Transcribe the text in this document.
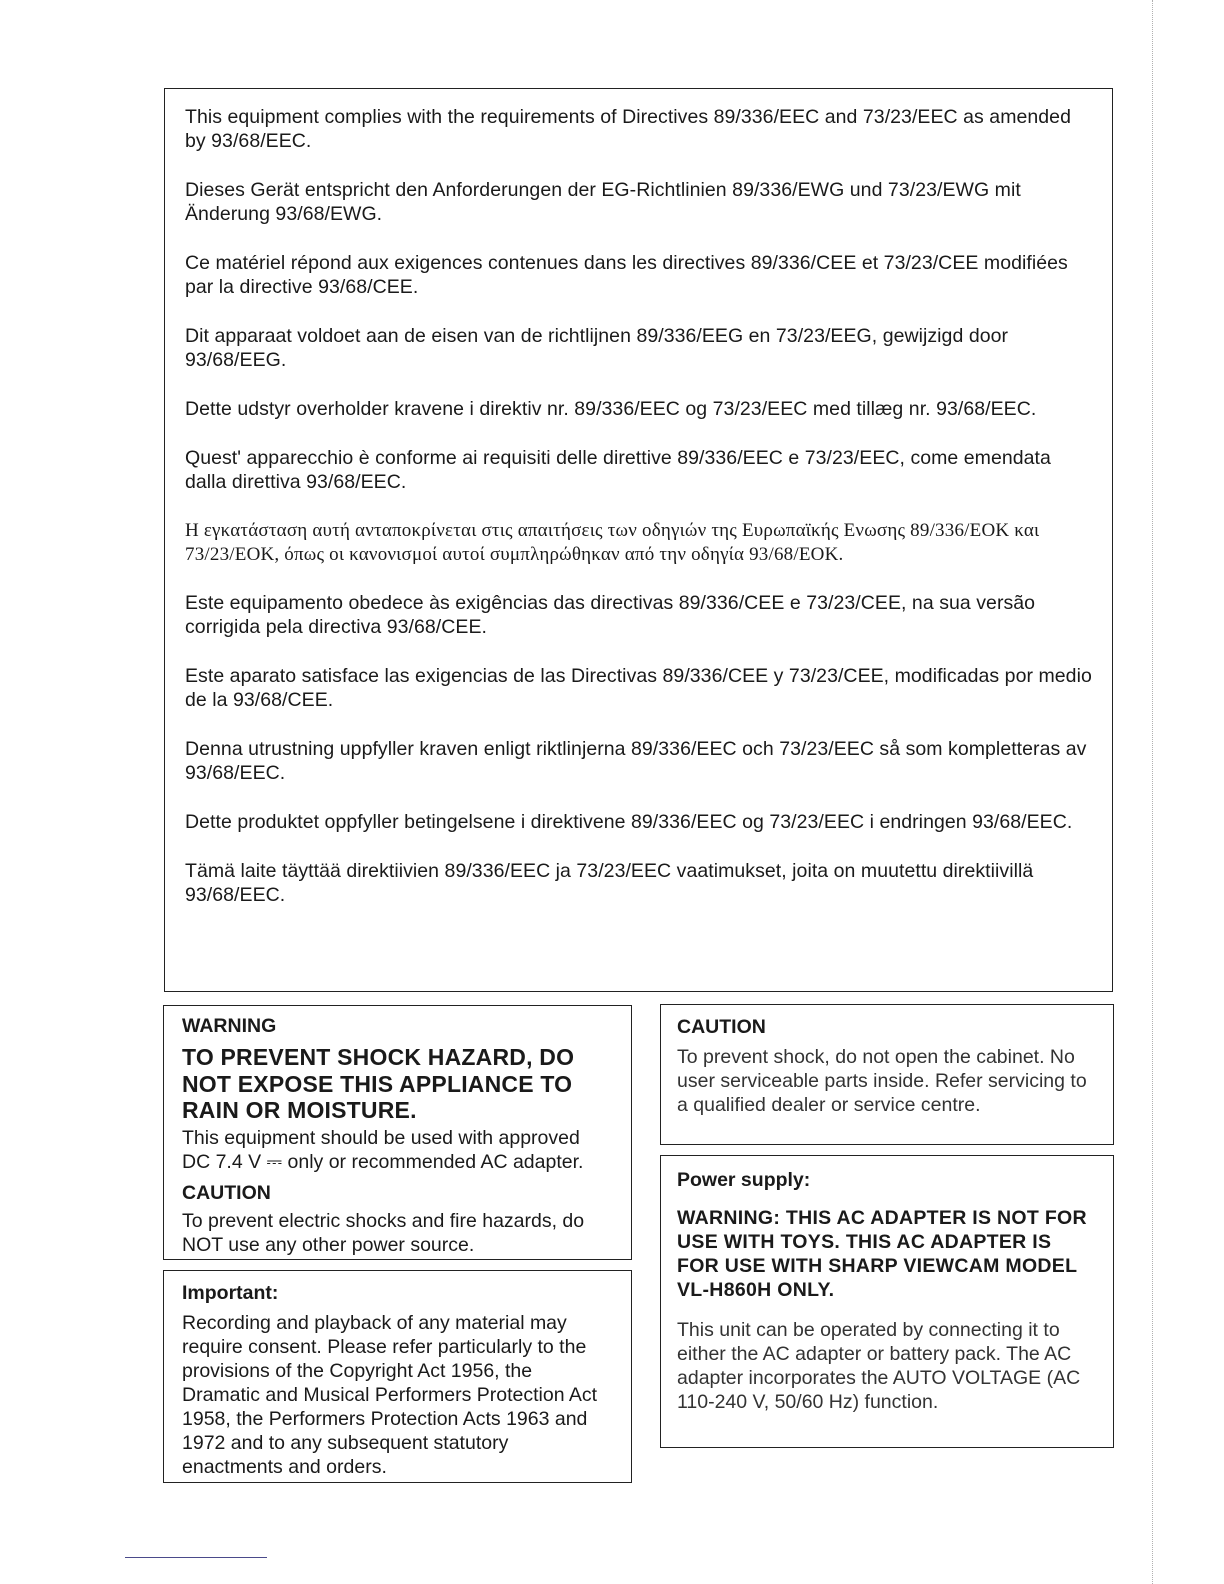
This equipment complies with the requirements of Directives 89/336/EEC and 73/23/EEC as amended by 93/68/EEC.

Dieses Gerät entspricht den Anforderungen der EG-Richtlinien 89/336/EWG und 73/23/EWG mit Änderung 93/68/EWG.

Ce matériel répond aux exigences contenues dans les directives 89/336/CEE et 73/23/CEE modifiées par la directive 93/68/CEE.

Dit apparaat voldoet aan de eisen van de richtlijnen 89/336/EEG en 73/23/EEG, gewijzigd door 93/68/EEG.

Dette udstyr overholder kravene i direktiv nr. 89/336/EEC og 73/23/EEC med tillæg nr. 93/68/EEC.

Quest' apparecchio è conforme ai requisiti delle direttive 89/336/EEC e 73/23/EEC, come emendata dalla direttiva 93/68/EEC.

Η εγκατάσταση αυτή ανταποκρίνεται στις απαιτήσεις των οδηγιών της Ευρωπαϊκής Ενωσης 89/336/ΕΟΚ και 73/23/ΕΟΚ, όπως οι κανονισμοί αυτοί συμπληρώθηκαν από την οδηγία 93/68/ΕΟΚ.

Este equipamento obedece às exigências das directivas 89/336/CEE e 73/23/CEE, na sua versão corrigida pela directiva 93/68/CEE.

Este aparato satisface las exigencias de las Directivas 89/336/CEE y 73/23/CEE, modificadas por medio de la 93/68/CEE.

Denna utrustning uppfyller kraven enligt riktlinjerna 89/336/EEC och 73/23/EEC så som kompletteras av 93/68/EEC.

Dette produktet oppfyller betingelsene i direktivene 89/336/EEC og 73/23/EEC i endringen 93/68/EEC.

Tämä laite täyttää direktiivien 89/336/EEC ja 73/23/EEC vaatimukset, joita on muutettu direktiivillä 93/68/EEC.

WARNING
TO PREVENT SHOCK HAZARD, DO NOT EXPOSE THIS APPLIANCE TO RAIN OR MOISTURE.

This equipment should be used with approved DC 7.4 V ⎓ only or recommended AC adapter.

CAUTION

To prevent electric shocks and fire hazards, do NOT use any other power source.

Important:

Recording and playback of any material may require consent. Please refer particularly to the provisions of the Copyright Act 1956, the Dramatic and Musical Performers Protection Act 1958, the Performers Protection Acts 1963 and 1972 and to any subsequent statutory enactments and orders.

CAUTION

To prevent shock, do not open the cabinet. No user serviceable parts inside. Refer servicing to a qualified dealer or service centre.

Power supply:

WARNING: THIS AC ADAPTER IS NOT FOR USE WITH TOYS. THIS AC ADAPTER IS FOR USE WITH SHARP VIEWCAM MODEL VL-H860H ONLY.

This unit can be operated by connecting it to either the AC adapter or battery pack. The AC adapter incorporates the AUTO VOLTAGE (AC 110-240 V, 50/60 Hz) function.
